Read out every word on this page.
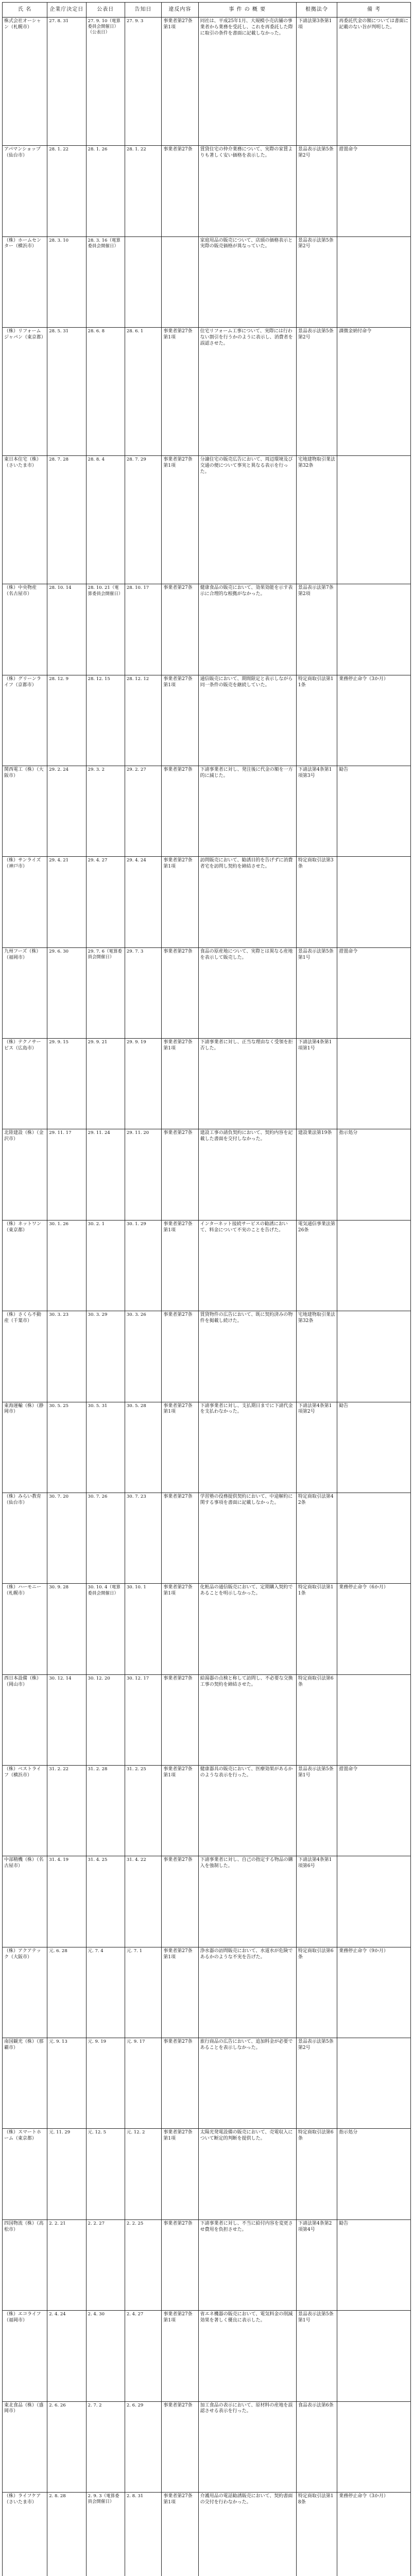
氏 名	企業庁決定日	公表日	告知日	違反内容	事 件 の 概 要	根拠法令	備 考
株式会社オーシャン（札幌市）	27. 8. 31	27. 9. 10（電算委員会開催日）（公表日）	27. 9. 3	事業者第27条第1項	同社は、平成25年1月、大規模小売店舗の事業者から業務を受託し、これを再委託した際に取引の条件を書面に記載しなかった。	下請法第3条第1項	再委託代金の額については書面に記載のない旨が判明した。
アパマンショップ（仙台市）	28. 1. 22	28. 1. 26	28. 1. 22	事業者第27条	賃貸住宅の仲介業務について、実際の家賃よりも著しく安い価格を表示した。	景品表示法第5条第2号	措置命令
（株）ホームセンター（横浜市）	28. 3. 10	28. 3. 16（電算委員会開催日）			家庭用品の販売について、店頭の価格表示と実際の販売価格が異なっていた。	景品表示法第5条第2号	
（株）リフォームジャパン（東京都）	28. 5. 31	28. 6. 8	28. 6. 1	事業者第27条第1項	住宅リフォーム工事について、実際には行わない割引を行うかのように表示し、消費者を誤認させた。	景品表示法第5条第2号	課徴金納付命令
東日本住宅（株）（さいたま市）	28. 7. 28	28. 8. 4	28. 7. 29	事業者第27条第1項	分譲住宅の販売広告において、周辺環境及び交通の便について事実と異なる表示を行った。	宅地建物取引業法第32条	
（株）中央物産（名古屋市）	28. 10. 14	28. 10. 21（電算委員会開催日）	28. 10. 17	事業者第27条	健康食品の販売において、効果効能を示す表示に合理的な根拠がなかった。	景品表示法第7条第2項	
（株）グリーンライフ（京都市）	28. 12. 9	28. 12. 15	28. 12. 12	事業者第27条第1項	通信販売において、期間限定と表示しながら同一条件の販売を継続していた。	特定商取引法第11条	業務停止命令（3か月）
関西電工（株）（大阪市）	29. 2. 24	29. 3. 2	29. 2. 27	事業者第27条	下請事業者に対し、発注後に代金の額を一方的に減じた。	下請法第4条第1項第3号	勧告
（株）サンライズ（神戸市）	29. 4. 21	29. 4. 27	29. 4. 24	事業者第27条第1項	訪問販売において、勧誘目的を告げずに消費者宅を訪問し契約を締結させた。	特定商取引法第3条	
九州フーズ（株）（福岡市）	29. 6. 30	29. 7. 6（電算委員会開催日）	29. 7. 3	事業者第27条	食品の原産地について、実際とは異なる産地を表示して販売した。	景品表示法第5条第1号	措置命令
（株）テクノサービス（広島市）	29. 9. 15	29. 9. 21	29. 9. 19	事業者第27条第1項	下請事業者に対し、正当な理由なく受領を拒否した。	下請法第4条第1項第1号	
北陸建設（株）（金沢市）	29. 11. 17	29. 11. 24	29. 11. 20	事業者第27条	建設工事の請負契約において、契約内容を記載した書面を交付しなかった。	建設業法第19条	指示処分
（株）ネットワン（東京都）	30. 1. 26	30. 2. 1	30. 1. 29	事業者第27条第1項	インターネット接続サービスの勧誘において、料金について不実のことを告げた。	電気通信事業法第26条	
（株）さくら不動産（千葉市）	30. 3. 23	30. 3. 29	30. 3. 26	事業者第27条	賃貸物件の広告において、既に契約済みの物件を掲載し続けた。	宅地建物取引業法第32条	
東海運輸（株）（静岡市）	30. 5. 25	30. 5. 31	30. 5. 28	事業者第27条第1項	下請事業者に対し、支払期日までに下請代金を支払わなかった。	下請法第4条第1項第2号	勧告
（株）みらい教育（仙台市）	30. 7. 20	30. 7. 26	30. 7. 23	事業者第27条	学習塾の役務提供契約において、中途解約に関する事項を書面に記載しなかった。	特定商取引法第42条	
（株）ハーモニー（札幌市）	30. 9. 28	30. 10. 4（電算委員会開催日）	30. 10. 1	事業者第27条第1項	化粧品の通信販売において、定期購入契約であることを明示しなかった。	特定商取引法第11条	業務停止命令（6か月）
西日本設備（株）（岡山市）	30. 12. 14	30. 12. 20	30. 12. 17	事業者第27条	給湯器の点検と称して訪問し、不必要な交換工事の契約を締結させた。	特定商取引法第6条	
（株）ベストライフ（横浜市）	31. 2. 22	31. 2. 28	31. 2. 25	事業者第27条第1項	健康器具の販売において、医療効果があるかのような表示を行った。	景品表示法第5条第1号	措置命令
中部精機（株）（名古屋市）	31. 4. 19	31. 4. 25	31. 4. 22	事業者第27条	下請事業者に対し、自己の指定する物品の購入を強制した。	下請法第4条第1項第6号	
（株）アクアテック（大阪市）	元. 6. 28	元. 7. 4	元. 7. 1	事業者第27条第1項	浄水器の訪問販売において、水道水が危険であるかのような不実を告げた。	特定商取引法第6条	業務停止命令（9か月）
南国観光（株）（那覇市）	元. 9. 13	元. 9. 19	元. 9. 17	事業者第27条	旅行商品の広告において、追加料金が必要であることを表示しなかった。	景品表示法第5条第2号	
（株）スマートホーム（東京都）	元. 11. 29	元. 12. 5	元. 12. 2	事業者第27条第1項	太陽光発電設備の販売において、売電収入について断定的判断を提供した。	特定商取引法第6条	指示処分
四国物流（株）（高松市）	2. 2. 21	2. 2. 27	2. 2. 25	事業者第27条	下請事業者に対し、不当に給付内容を変更させ費用を負担させた。	下請法第4条第2項第4号	勧告
（株）エコライフ（福岡市）	2. 4. 24	2. 4. 30	2. 4. 27	事業者第27条第1項	省エネ機器の販売において、電気料金の削減効果を著しく優良に表示した。	景品表示法第5条第1号	
東北食品（株）（盛岡市）	2. 6. 26	2. 7. 2	2. 6. 29	事業者第27条	加工食品の表示において、原材料の産地を誤認させる表示を行った。	食品表示法第6条	
（株）ライフケア（さいたま市）	2. 8. 28	2. 9. 3（電算委員会開催日）	2. 8. 31	事業者第27条第1項	介護用品の電話勧誘販売において、契約書面の交付を行わなかった。	特定商取引法第18条	業務停止命令（3か月）
